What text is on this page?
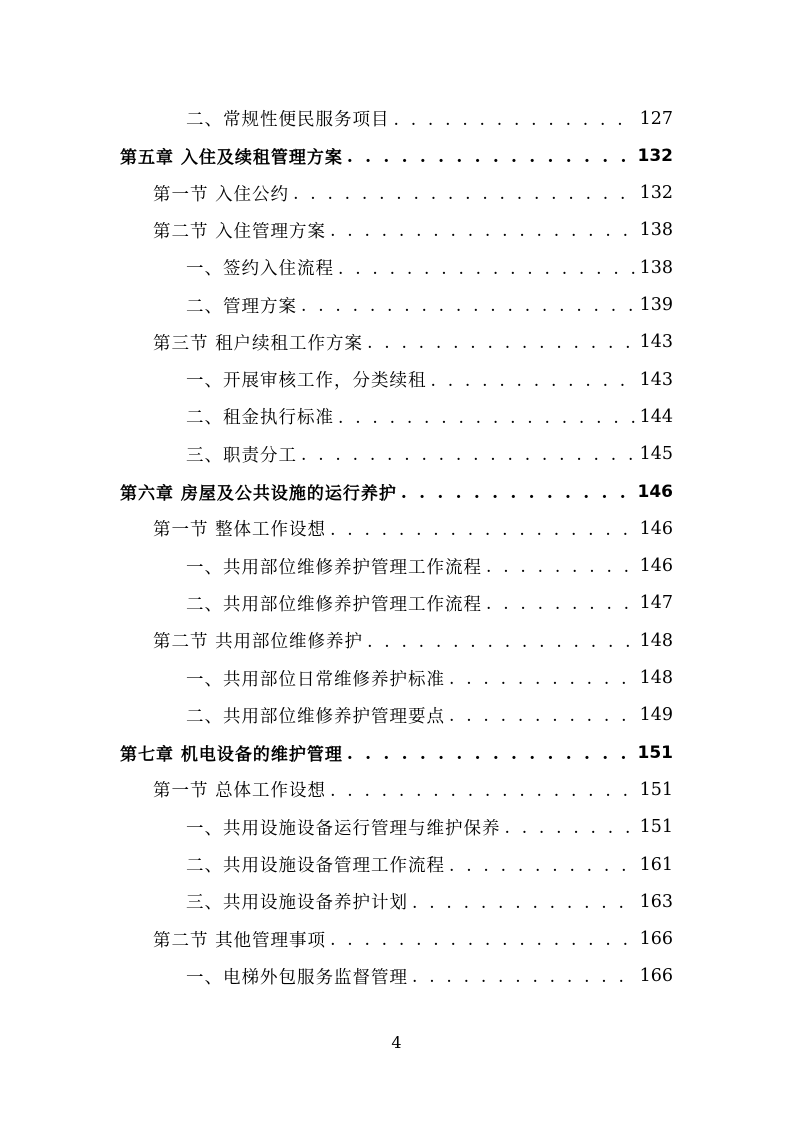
二、常规性便民服务项目 . . .	127
第五章 入住及续租管理方案 . . .	132
第一节 入住公约 . . .	132
第二节 入住管理方案 . . .	138
一、签约入住流程 . . .	138
二、管理方案 . . .	139
第三节 租户续租工作方案 . . .	143
一、开展审核工作，分类续租 . . .	143
二、租金执行标准 . . .	144
三、职责分工 . . .	145
第六章 房屋及公共设施的运行养护 . . .	146
第一节 整体工作设想 . . .	146
一、共用部位维修养护管理工作流程 . . .	146
二、共用部位维修养护管理工作流程 . . .	147
第二节 共用部位维修养护 . . .	148
一、共用部位日常维修养护标准 . . .	148
二、共用部位维修养护管理要点 . . .	149
第七章 机电设备的维护管理 . . .	151
第一节 总体工作设想 . . .	151
一、共用设施设备运行管理与维护保养 . . .	151
二、共用设施设备管理工作流程 . . .	161
三、共用设施设备养护计划 . . .	163
第二节 其他管理事项 . . .	166
一、电梯外包服务监督管理 . . .	166
4
